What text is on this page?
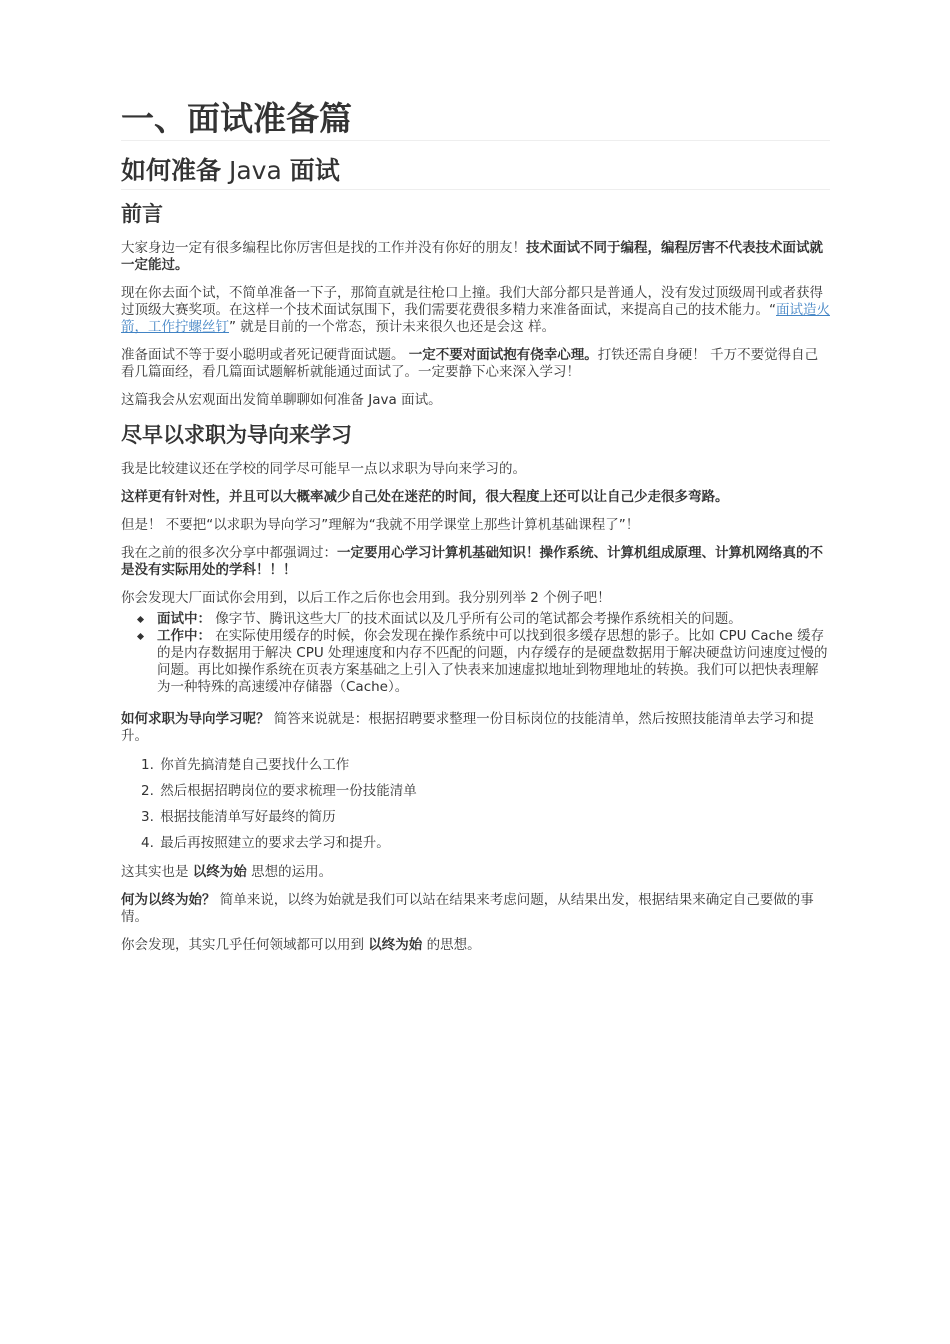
一、面试准备篇
如何准备 Java 面试
前言

大家身边一定有很多编程比你厉害但是找的工作并没有你好的朋友！技术面试不同于编程，编程厉害不代表技术面试就一定能过。

现在你去面个试，不简单准备一下子，那简直就是往枪口上撞。我们大部分都只是普通人，没有发过顶级周刊或者获得过顶级大赛奖项。在这样一个技术面试氛围下，我们需要花费很多精力来准备面试，来提高自己的技术能力。“面试造火箭，工作拧螺丝钉” 就是目前的一个常态，预计未来很久也还是会这 样。

准备面试不等于耍小聪明或者死记硬背面试题。 一定不要对面试抱有侥幸心理。打铁还需自身硬！ 千万不要觉得自己看几篇面经，看几篇面试题解析就能通过面试了。一定要静下心来深入学习！

这篇我会从宏观面出发简单聊聊如何准备 Java 面试。

尽早以求职为导向来学习

我是比较建议还在学校的同学尽可能早一点以求职为导向来学习的。

这样更有针对性，并且可以大概率减少自己处在迷茫的时间，很大程度上还可以让自己少走很多弯路。

但是！ 不要把“以求职为导向学习”理解为“我就不用学课堂上那些计算机基础课程了”！

我在之前的很多次分享中都强调过：一定要用心学习计算机基础知识！操作系统、计算机组成原理、计算机网络真的不是没有实际用处的学科！！！

你会发现大厂面试你会用到，以后工作之后你也会用到。我分别列举 2 个例子吧！

面试中： 像字节、腾讯这些大厂的技术面试以及几乎所有公司的笔试都会考操作系统相关的问题。
工作中： 在实际使用缓存的时候，你会发现在操作系统中可以找到很多缓存思想的影子。比如 CPU Cache 缓存的是内存数据用于解决 CPU 处理速度和内存不匹配的问题，内存缓存的是硬盘数据用于解决硬盘访问速度过慢的问题。再比如操作系统在页表方案基础之上引入了快表来加速虚拟地址到物理地址的转换。我们可以把快表理解为一种特殊的高速缓冲存储器（Cache）。

如何求职为导向学习呢？ 简答来说就是：根据招聘要求整理一份目标岗位的技能清单，然后按照技能清单去学习和提升。

1. 你首先搞清楚自己要找什么工作
2. 然后根据招聘岗位的要求梳理一份技能清单
3. 根据技能清单写好最终的简历
4. 最后再按照建立的要求去学习和提升。

这其实也是 以终为始 思想的运用。

何为以终为始？ 简单来说，以终为始就是我们可以站在结果来考虑问题，从结果出发，根据结果来确定自己要做的事情。

你会发现，其实几乎任何领域都可以用到 以终为始 的思想。
